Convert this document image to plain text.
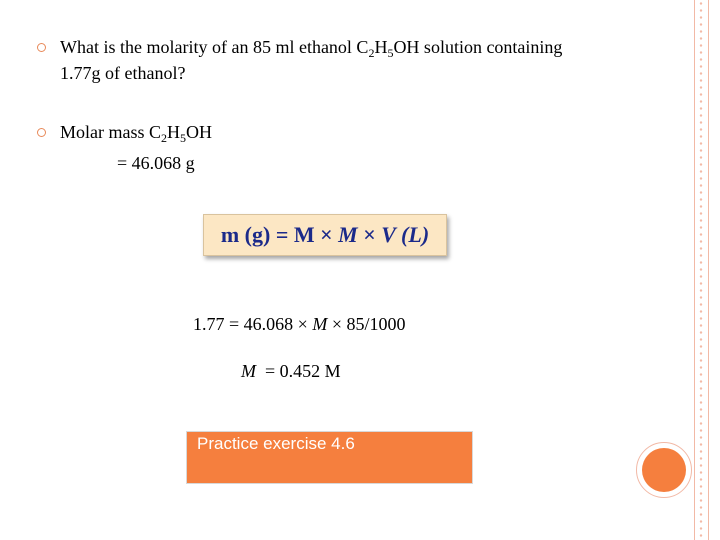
What is the molarity of an 85 ml ethanol $C_2H_5OH$ solution containing
1.77g of ethanol?
Molar mass $C_2H_5OH$
= 46.068 g
m (g) = M × M × V (L)
1.77 = 46.068 × M × 85/1000

M  = 0.452 M

Practice exercise 4.6
